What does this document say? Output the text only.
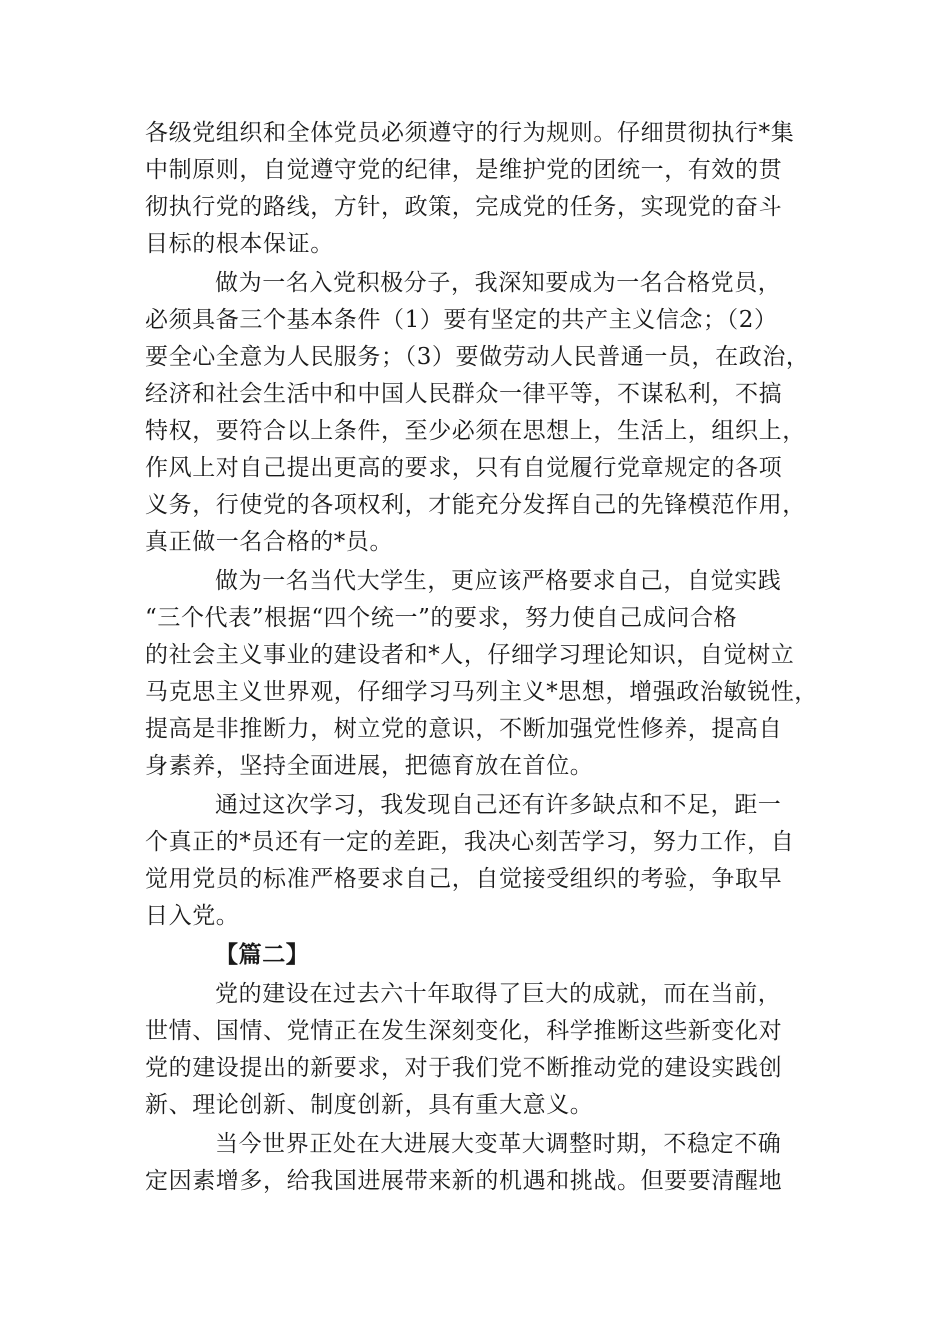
各级党组织和全体党员必须遵守的行为规则。仔细贯彻执行*集
中制原则，自觉遵守党的纪律，是维护党的团统一，有效的贯
彻执行党的路线，方针，政策，完成党的任务，实现党的奋斗
目标的根本保证。
做为一名入党积极分子，我深知要成为一名合格党员，
必须具备三个基本条件（1）要有坚定的共产主义信念；（2）
要全心全意为人民服务；（3）要做劳动人民普通一员，在政治，
经济和社会生活中和中国人民群众一律平等，不谋私利，不搞
特权，要符合以上条件，至少必须在思想上，生活上，组织上，
作风上对自己提出更高的要求，只有自觉履行党章规定的各项
义务，行使党的各项权利，才能充分发挥自己的先锋模范作用，
真正做一名合格的*员。
做为一名当代大学生，更应该严格要求自己，自觉实践
“三个代表”根据“四个统一”的要求，努力使自己成问合格
的社会主义事业的建设者和*人，仔细学习理论知识，自觉树立
马克思主义世界观，仔细学习马列主义*思想，增强政治敏锐性，
提高是非推断力，树立党的意识，不断加强党性修养，提高自
身素养，坚持全面进展，把德育放在首位。
通过这次学习，我发现自己还有许多缺点和不足，距一
个真正的*员还有一定的差距，我决心刻苦学习，努力工作，自
觉用党员的标准严格要求自己，自觉接受组织的考验，争取早
日入党。
【篇二】
党的建设在过去六十年取得了巨大的成就，而在当前，
世情、国情、党情正在发生深刻变化，科学推断这些新变化对
党的建设提出的新要求，对于我们党不断推动党的建设实践创
新、理论创新、制度创新，具有重大意义。
当今世界正处在大进展大变革大调整时期，不稳定不确
定因素增多，给我国进展带来新的机遇和挑战。但要要清醒地
